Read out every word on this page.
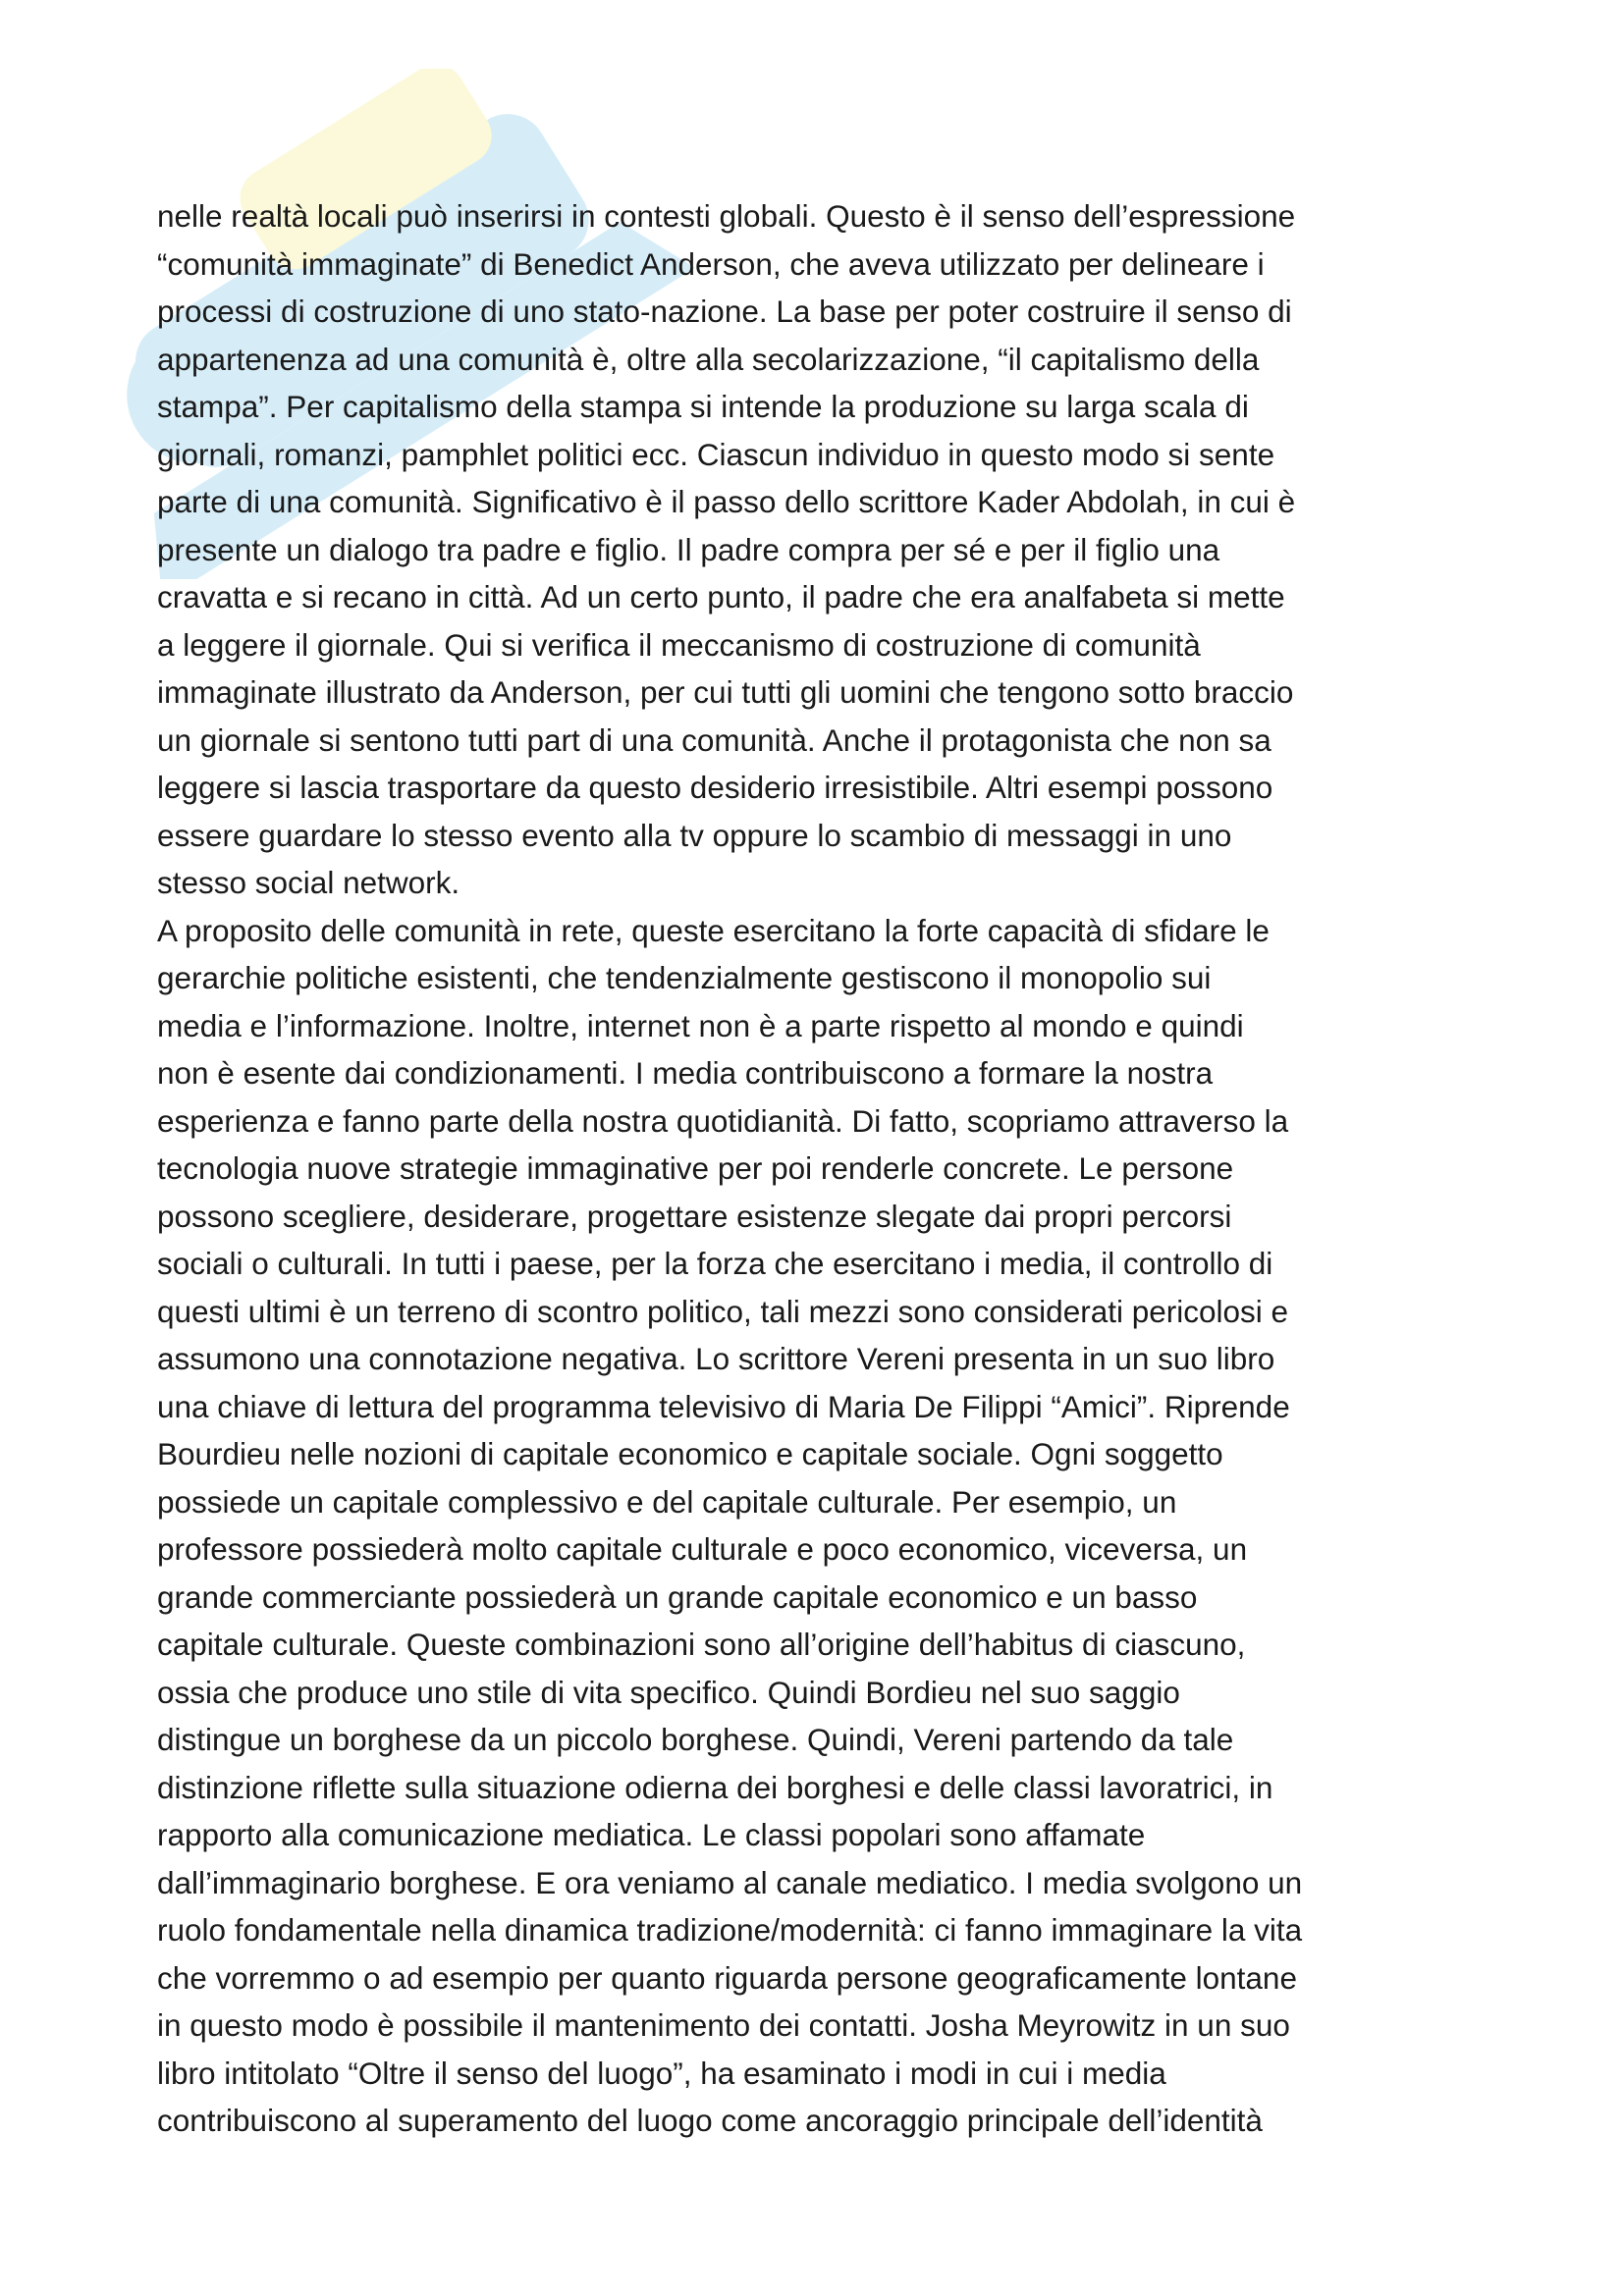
nelle realtà locali può inserirsi in contesti globali. Questo è il senso dell’espressione
“comunità immaginate” di Benedict Anderson, che aveva utilizzato per delineare i
processi di costruzione di uno stato-nazione. La base per poter costruire il senso di
appartenenza ad una comunità è, oltre alla secolarizzazione, “il capitalismo della
stampa”. Per capitalismo della stampa si intende la produzione su larga scala di
giornali, romanzi, pamphlet politici ecc. Ciascun individuo in questo modo si sente
parte di una comunità. Significativo è il passo dello scrittore Kader Abdolah, in cui è
presente un dialogo tra padre e figlio. Il padre compra per sé e per il figlio una
cravatta e si recano in città. Ad un certo punto, il padre che era analfabeta si mette
a leggere il giornale. Qui si verifica il meccanismo di costruzione di comunità
immaginate illustrato da Anderson, per cui tutti gli uomini che tengono sotto braccio
un giornale si sentono tutti part di una comunità. Anche il protagonista che non sa
leggere si lascia trasportare da questo desiderio irresistibile. Altri esempi possono
essere guardare lo stesso evento alla tv oppure lo scambio di messaggi in uno
stesso social network.
A proposito delle comunità in rete, queste esercitano la forte capacità di sfidare le
gerarchie politiche esistenti, che tendenzialmente gestiscono il monopolio sui
media e l’informazione. Inoltre, internet non è a parte rispetto al mondo e quindi
non è esente dai condizionamenti. I media contribuiscono a formare la nostra
esperienza e fanno parte della nostra quotidianità. Di fatto, scopriamo attraverso la
tecnologia nuove strategie immaginative per poi renderle concrete. Le persone
possono scegliere, desiderare, progettare esistenze slegate dai propri percorsi
sociali o culturali. In tutti i paese, per la forza che esercitano i media, il controllo di
questi ultimi è un terreno di scontro politico, tali mezzi sono considerati pericolosi e
assumono una connotazione negativa. Lo scrittore Vereni presenta in un suo libro
una chiave di lettura del programma televisivo di Maria De Filippi “Amici”. Riprende
Bourdieu nelle nozioni di capitale economico e capitale sociale. Ogni soggetto
possiede un capitale complessivo e del capitale culturale. Per esempio, un
professore possiederà molto capitale culturale e poco economico, viceversa, un
grande commerciante possiederà un grande capitale economico e un basso
capitale culturale. Queste combinazioni sono all’origine dell’habitus di ciascuno,
ossia che produce uno stile di vita specifico. Quindi Bordieu nel suo saggio
distingue un borghese da un piccolo borghese. Quindi, Vereni partendo da tale
distinzione riflette sulla situazione odierna dei borghesi e delle classi lavoratrici, in
rapporto alla comunicazione mediatica. Le classi popolari sono affamate
dall’immaginario borghese. E ora veniamo al canale mediatico. I media svolgono un
ruolo fondamentale nella dinamica tradizione/modernità: ci fanno immaginare la vita
che vorremmo o ad esempio per quanto riguarda persone geograficamente lontane
in questo modo è possibile il mantenimento dei contatti. Josha Meyrowitz in un suo
libro intitolato “Oltre il senso del luogo”, ha esaminato i modi in cui i media
contribuiscono al superamento del luogo come ancoraggio principale dell’identità
